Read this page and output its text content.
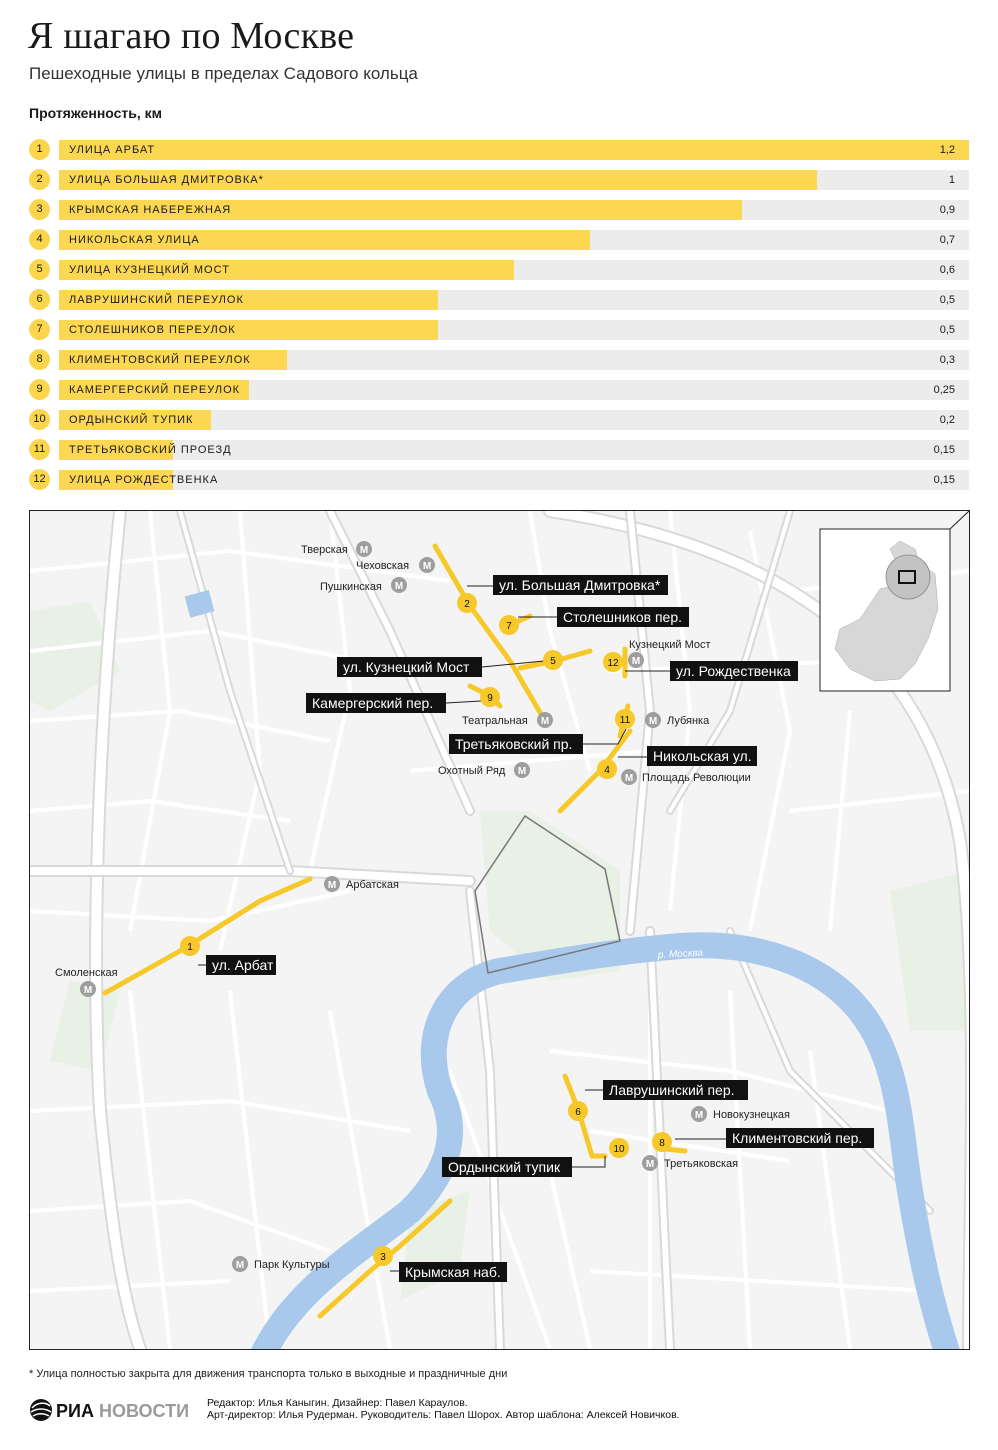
Я шагаю по Москве
Пешеходные улицы в пределах Садового кольца
Протяженность, км
1	УЛИЦА АРБАТ	1,2
2	УЛИЦА БОЛЬШАЯ ДМИТРОВКА*	1
3	КРЫМСКАЯ НАБЕРЕЖНАЯ	0,9
4	НИКОЛЬСКАЯ УЛИЦА	0,7
5	УЛИЦА КУЗНЕЦКИЙ МОСТ	0,6
6	ЛАВРУШИНСКИЙ ПЕРЕУЛОК	0,5
7	СТОЛЕШНИКОВ ПЕРЕУЛОК	0,5
8	КЛИМЕНТОВСКИЙ ПЕРЕУЛОК	0,3
9	КАМЕРГЕРСКИЙ ПЕРЕУЛОК	0,25
10	ОРДЫНСКИЙ ТУПИК	0,2
11	ТРЕТЬЯКОВСКИЙ ПРОЕЗД	0,15
12	УЛИЦА РОЖДЕСТВЕНКА	0,15
р. Москва
М
Тверская
М
Чеховская
М
Пушкинская
М
Кузнецкий Мост
М
Театральная	М Лубянка
М
Охотный Ряд
М Площадь Революции
М Арбатская
М
Смоленская
М Новокузнецкая
М Третьяковская
М Парк Культуры
1
2
3
4
5
6
7
8
9
10
11
12
ул. Арбат
ул. Большая Дмитровка*
Крымская наб.
Никольская ул.
ул. Кузнецкий Мост
Лаврушинский пер.
Столешников пер.
Климентовский пер.
Камергерский пер.
Ордынский тупик
Третьяковский пр.
ул. Рождественка
* Улица полностью закрыта для движения транспорта только в выходные и праздничные дни
РИА НОВОСТИ Редактор: Илья Каныгин. Дизайнер: Павел Караулов.
Арт-директор: Илья Рудерман. Руководитель: Павел Шорох. Автор шаблона: Алексей Новичков.
